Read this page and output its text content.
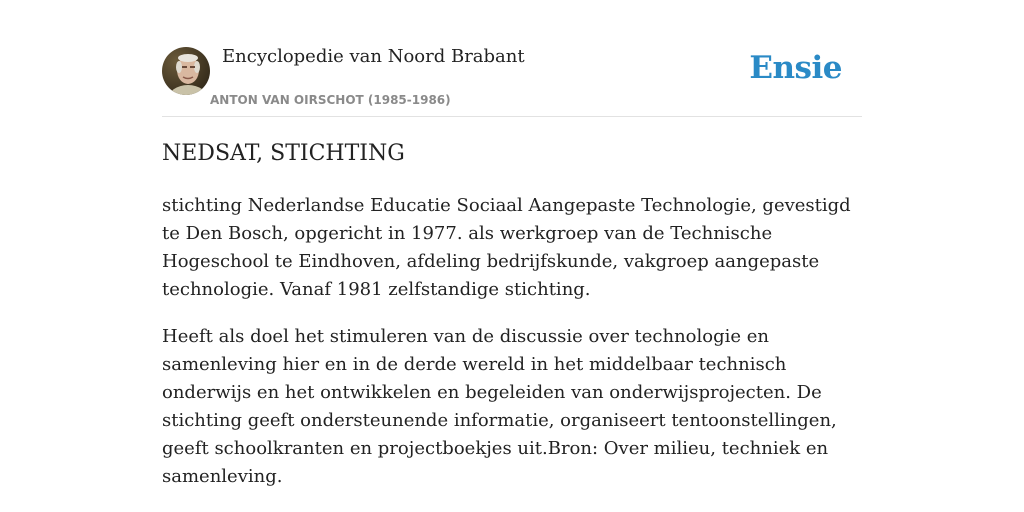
Encyclopedie van Noord Brabant
ANTON VAN OIRSCHOT (1985-1986)
Ensie
NEDSAT, STICHTING

stichting Nederlandse Educatie Sociaal Aangepaste Technologie, gevestigd te Den Bosch, opgericht in 1977. als werkgroep van de Technische Hogeschool te Eindhoven, afdeling bedrijfskunde, vakgroep aangepaste technologie. Vanaf 1981 zelfstandige stichting.

Heeft als doel het stimuleren van de discussie over technologie en samenleving hier en in de derde wereld in het middelbaar technisch onderwijs en het ontwikkelen en begeleiden van onderwijsprojecten. De stichting geeft ondersteunende informatie, organiseert tentoonstellingen, geeft schoolkranten en projectboekjes uit.Bron: Over milieu, techniek en samenleving.
